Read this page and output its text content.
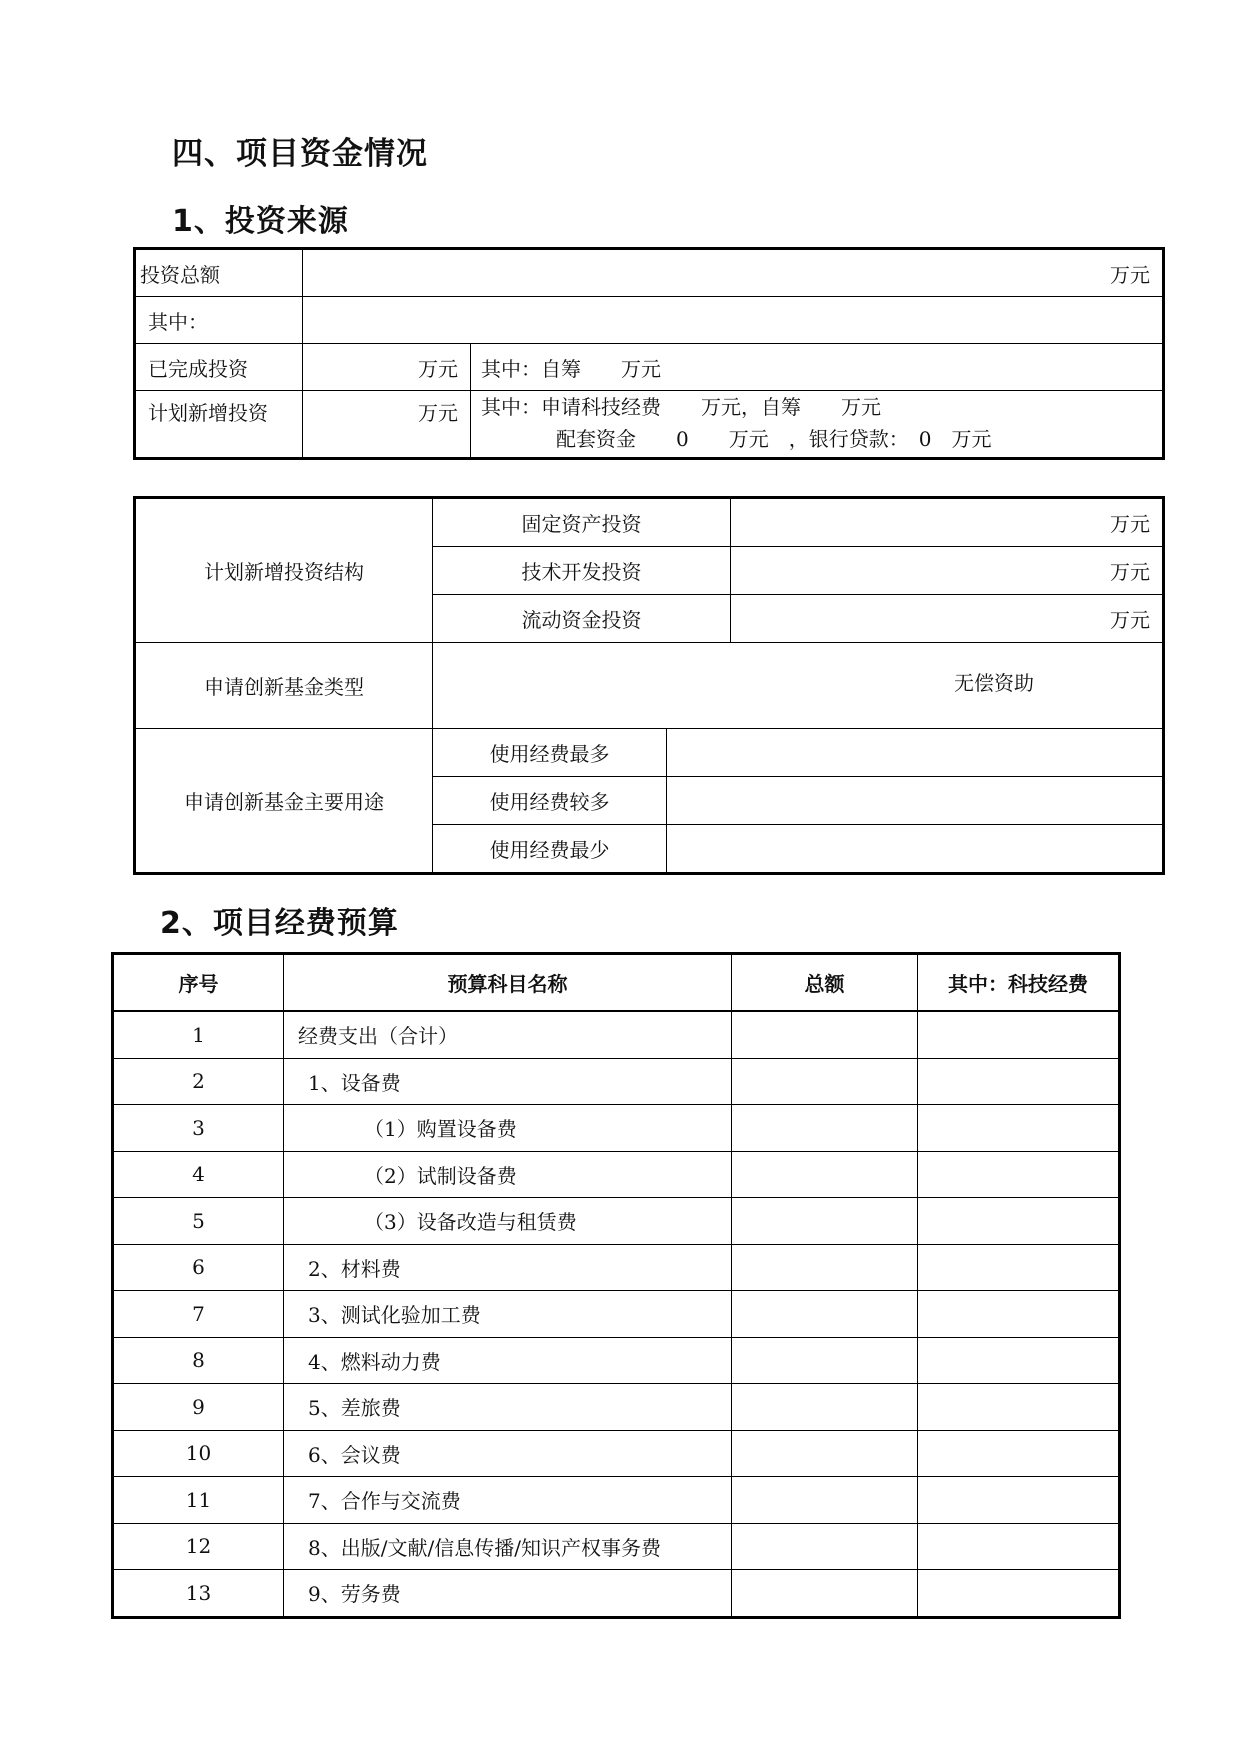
四、项目资金情况
1、投资来源
投资总额	万元	
其中：		
已完成投资	万元	其中：自筹　　万元
计划新增投资	万元	其中：申请科技经费　　万元，自筹　　万元
配套资金　　0　　万元　，银行贷款：　0　万元
计划新增投资结构	固定资产投资		万元
	技术开发投资		万元
	流动资金投资		万元
申请创新基金类型	无偿资助		
申请创新基金主要用途	使用经费最多		
	使用经费较多		
	使用经费最少		
2、项目经费预算
序号	预算科目名称	总额	其中：科技经费
1	经费支出（合计）		
2	1、设备费		
3	（1）购置设备费		
4	（2）试制设备费		
5	（3）设备改造与租赁费		
6	2、材料费		
7	3、测试化验加工费		
8	4、燃料动力费		
9	5、差旅费		
10	6、会议费		
11	7、合作与交流费		
12	8、出版/文献/信息传播/知识产权事务费		
13	9、劳务费		
